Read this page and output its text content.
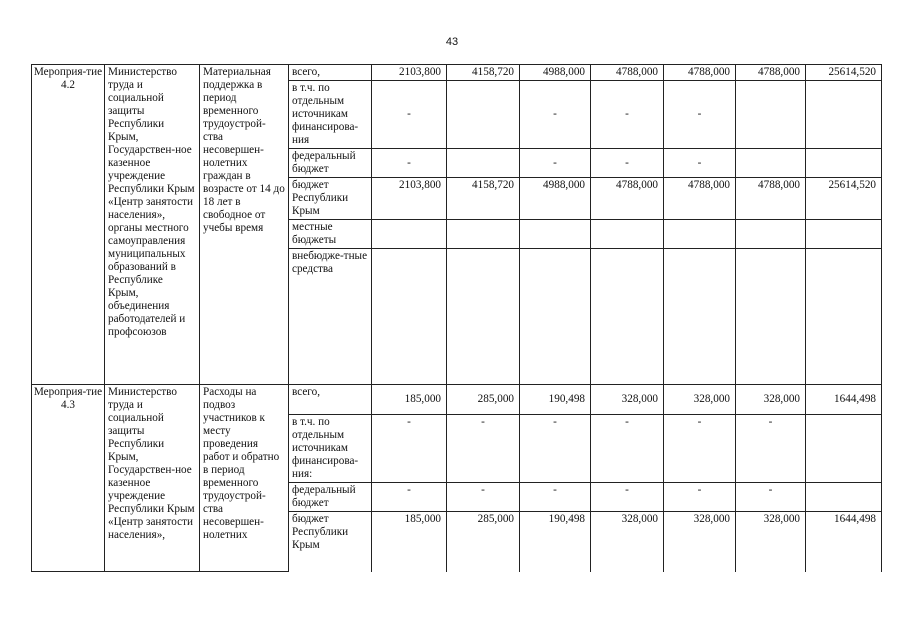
43
Мероприя-тие 4.2	Министерство труда и социальной защиты Республики Крым, Государствен-ное казенное учреждение Республики Крым «Центр занятости населения», органы местного самоуправления муниципальных образований в Республике Крым, объединения работодателей и профсоюзов	Материальная поддержка в период временного трудоустрой-ства несовершен-нолетних граждан в возрасте от 14 до 18 лет в свободное от учебы время	всего,	2103,800	4158,720	4988,000	4788,000	4788,000	4788,000	25614,520
			в т.ч. по отдельным источникам финансирова-ния	-		-	-	-		
			федеральный бюджет	-		-	-	-		
			бюджет Республики Крым	2103,800	4158,720	4988,000	4788,000	4788,000	4788,000	25614,520
			местные бюджеты							
			внебюдже-тные средства							
Мероприя-тие 4.3	Министерство труда и социальной защиты Республики Крым, Государствен-ное казенное учреждение Республики Крым «Центр занятости населения»,	Расходы на подвоз участников к месту проведения работ и обратно в период временного трудоустрой-ства несовершен-нолетних	всего,	185,000	285,000	190,498	328,000	328,000	328,000	1644,498
			в т.ч. по отдельным источникам финансирова-ния:	-	-	-	-	-	-	
			федеральный бюджет	-	-	-	-	-	-	
			бюджет Республики Крым	185,000	285,000	190,498	328,000	328,000	328,000	1644,498
